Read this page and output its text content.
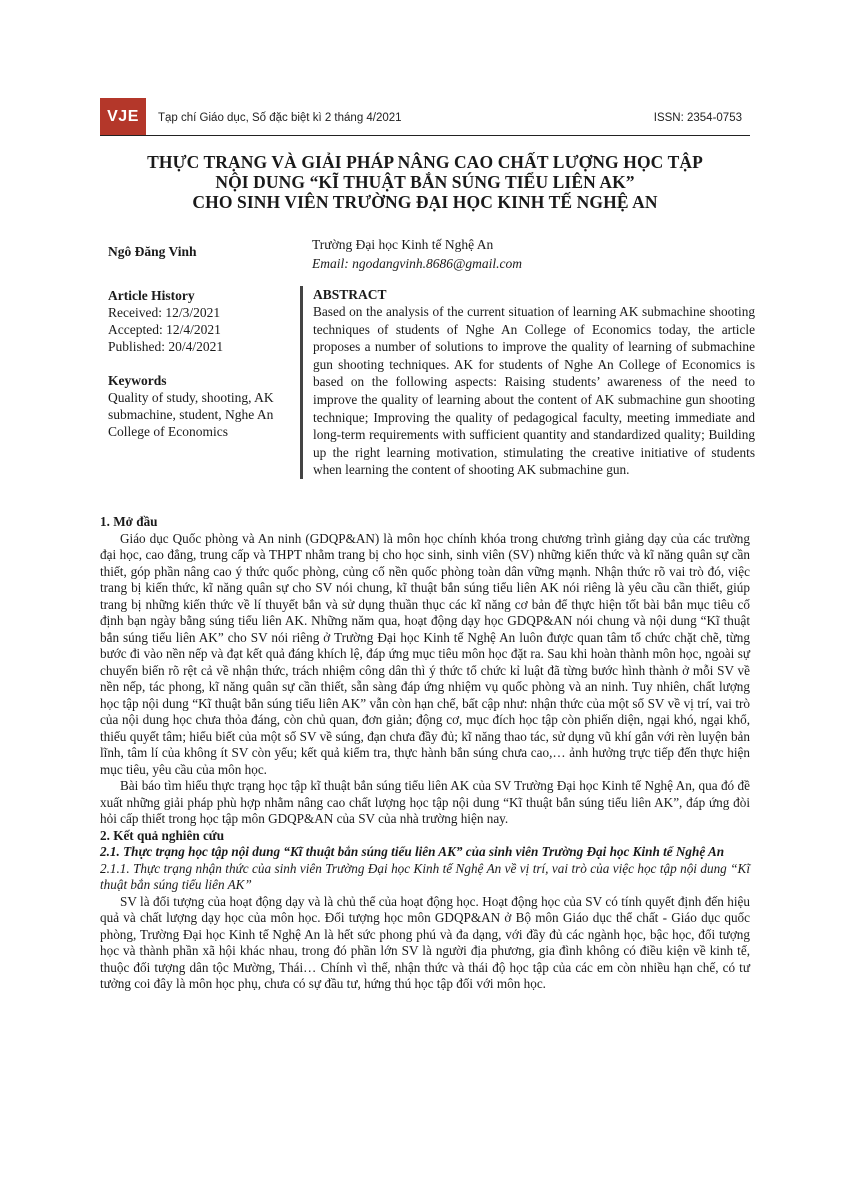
VJE	Tạp chí Giáo dục, Số đặc biệt kì 2 tháng 4/2021	ISSN: 2354-0753
THỰC TRẠNG VÀ GIẢI PHÁP NÂNG CAO CHẤT LƯỢNG HỌC TẬP
NỘI DUNG “KĨ THUẬT BẮN SÚNG TIỂU LIÊN AK”
CHO SINH VIÊN TRƯỜNG ĐẠI HỌC KINH TẾ NGHỆ AN
Ngô Đăng Vinh	Trường Đại học Kinh tế Nghệ An
Email: ngodangvinh.8686@gmail.com
Article History
Received: 12/3/2021
Accepted: 12/4/2021
Published: 20/4/2021
Keywords
Quality of study, shooting, AK submachine, student, Nghe An College of Economics
ABSTRACT
Based on the analysis of the current situation of learning AK submachine shooting techniques of students of Nghe An College of Economics today, the article proposes a number of solutions to improve the quality of learning of submachine gun shooting techniques. AK for students of Nghe An College of Economics is based on the following aspects: Raising students’ awareness of the need to improve the quality of learning about the content of AK submachine gun shooting technique; Improving the quality of pedagogical faculty, meeting immediate and long-term requirements with sufficient quantity and standardized quality; Building up the right learning motivation, stimulating the creative initiative of students when learning the content of shooting AK submachine gun.
1. Mở đầu

Giáo dục Quốc phòng và An ninh (GDQP&AN) là môn học chính khóa trong chương trình giảng dạy của các trường đại học, cao đẳng, trung cấp và THPT nhằm trang bị cho học sinh, sinh viên (SV) những kiến thức và kĩ năng quân sự cần thiết, góp phần nâng cao ý thức quốc phòng, củng cố nền quốc phòng toàn dân vững mạnh. Nhận thức rõ vai trò đó, việc trang bị kiến thức, kĩ năng quân sự cho SV nói chung, kĩ thuật bắn súng tiểu liên AK nói riêng là yêu cầu cần thiết, giúp trang bị những kiến thức về lí thuyết bắn và sử dụng thuần thục các kĩ năng cơ bản để thực hiện tốt bài bắn mục tiêu cố định bạn ngày bằng súng tiểu liên AK. Những năm qua, hoạt động dạy học GDQP&AN nói chung và nội dung “Kĩ thuật bắn súng tiểu liên AK” cho SV nói riêng ở Trường Đại học Kinh tế Nghệ An luôn được quan tâm tổ chức chặt chẽ, từng bước đi vào nền nếp và đạt kết quả đáng khích lệ, đáp ứng mục tiêu môn học đặt ra. Sau khi hoàn thành môn học, ngoài sự chuyển biến rõ rệt cả về nhận thức, trách nhiệm công dân thì ý thức tổ chức kỉ luật đã từng bước hình thành ở mỗi SV về nền nếp, tác phong, kĩ năng quân sự cần thiết, sẵn sàng đáp ứng nhiệm vụ quốc phòng và an ninh. Tuy nhiên, chất lượng học tập nội dung “Kĩ thuật bắn súng tiểu liên AK” vẫn còn hạn chế, bất cập như: nhận thức của một số SV về vị trí, vai trò của nội dung học chưa thỏa đáng, còn chủ quan, đơn giản; động cơ, mục đích học tập còn phiến diện, ngại khó, ngại khổ, thiếu quyết tâm; hiểu biết của một số SV về súng, đạn chưa đầy đủ; kĩ năng thao tác, sử dụng vũ khí gắn với rèn luyện bản lĩnh, tâm lí của không ít SV còn yếu; kết quả kiểm tra, thực hành bắn súng chưa cao,… ảnh hưởng trực tiếp đến thực hiện mục tiêu, yêu cầu của môn học.

Bài báo tìm hiểu thực trạng học tập kĩ thuật bắn súng tiểu liên AK của SV Trường Đại học Kinh tế Nghệ An, qua đó đề xuất những giải pháp phù hợp nhằm nâng cao chất lượng học tập nội dung “Kĩ thuật bắn súng tiểu liên AK”, đáp ứng đòi hỏi cấp thiết trong học tập môn GDQP&AN của SV của nhà trường hiện nay.

2. Kết quả nghiên cứu
2.1. Thực trạng học tập nội dung “Kĩ thuật bắn súng tiểu liên AK” của sinh viên Trường Đại học Kinh tế Nghệ An
2.1.1. Thực trạng nhận thức của sinh viên Trường Đại học Kinh tế Nghệ An về vị trí, vai trò của việc học tập nội dung “Kĩ thuật bắn súng tiểu liên AK”

SV là đối tượng của hoạt động dạy và là chủ thể của hoạt động học. Hoạt động học của SV có tính quyết định đến hiệu quả và chất lượng dạy học của môn học. Đối tượng học môn GDQP&AN ở Bộ môn Giáo dục thể chất - Giáo dục quốc phòng, Trường Đại học Kinh tế Nghệ An là hết sức phong phú và đa dạng, với đầy đủ các ngành học, bậc học, đối tượng học và thành phần xã hội khác nhau, trong đó phần lớn SV là người địa phương, gia đình không có điều kiện về kinh tế, thuộc đối tượng dân tộc Mường, Thái… Chính vì thế, nhận thức và thái độ học tập của các em còn nhiều hạn chế, có tư tưởng coi đây là môn học phụ, chưa có sự đầu tư, hứng thú học tập đối với môn học.
